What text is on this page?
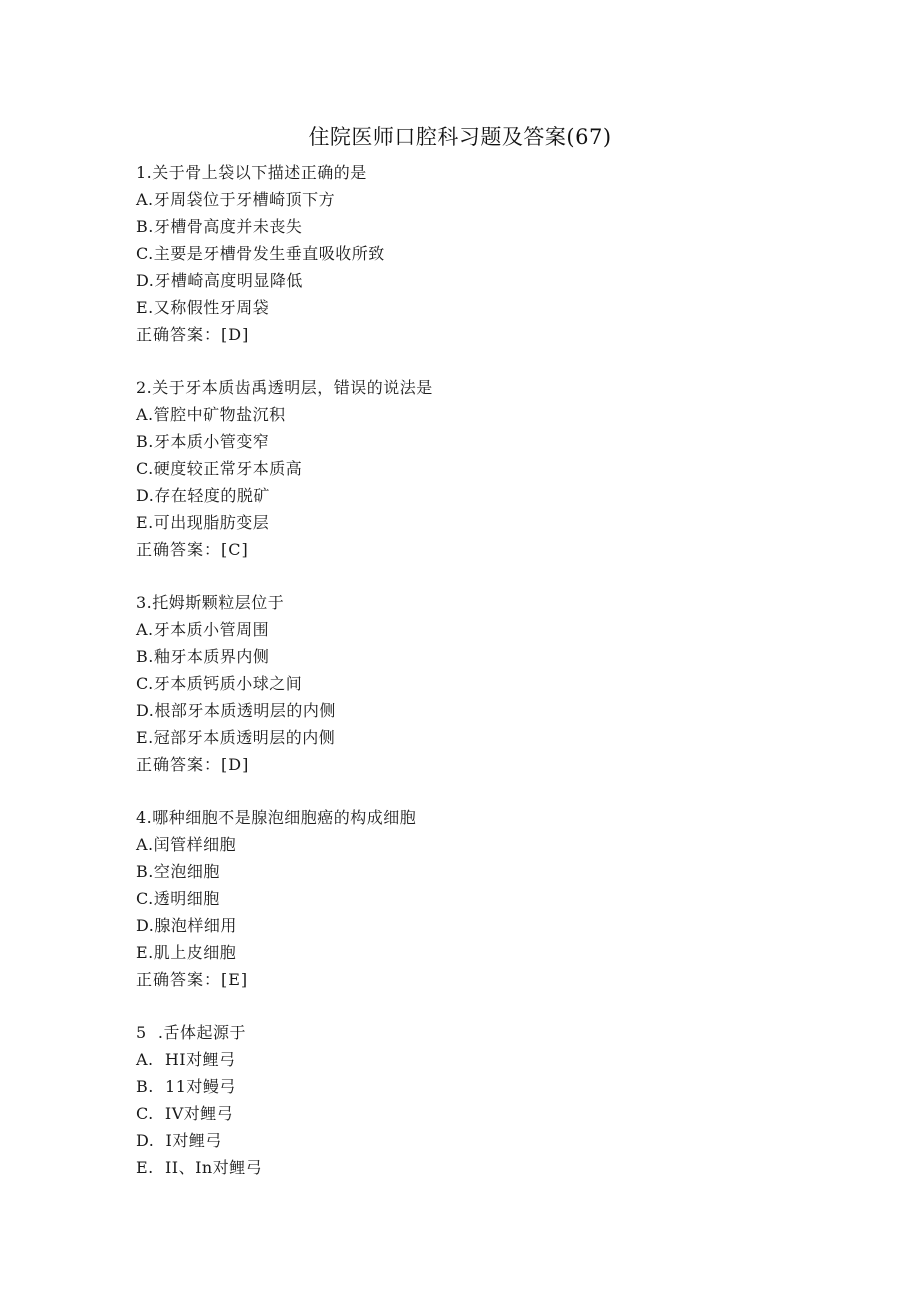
住院医师口腔科习题及答案(67)
1.关于骨上袋以下描述正确的是
A.牙周袋位于牙槽崎顶下方
B.牙槽骨高度并未丧失
C.主要是牙槽骨发生垂直吸收所致
D.牙槽崎高度明显降低
E.又称假性牙周袋
正确答案：[D]
2.关于牙本质齿禹透明层，错误的说法是
A.管腔中矿物盐沉积
B.牙本质小管变窄
C.硬度较正常牙本质高
D.存在轻度的脱矿
E.可出现脂肪变层
正确答案：[C]
3.托姆斯颗粒层位于
A.牙本质小管周围
B.釉牙本质界内侧
C.牙本质钙质小球之间
D.根部牙本质透明层的内侧
E.冠部牙本质透明层的内侧
正确答案：[D]
4.哪种细胞不是腺泡细胞癌的构成细胞
A.闰管样细胞
B.空泡细胞
C.透明细胞
D.腺泡样细用
E.肌上皮细胞
正确答案：[E]
5  .舌体起源于
A.  HI对鲤弓
B.  11对鳗弓
C.  IV对鲤弓
D.  I对鲤弓
E.  II、In对鲤弓
